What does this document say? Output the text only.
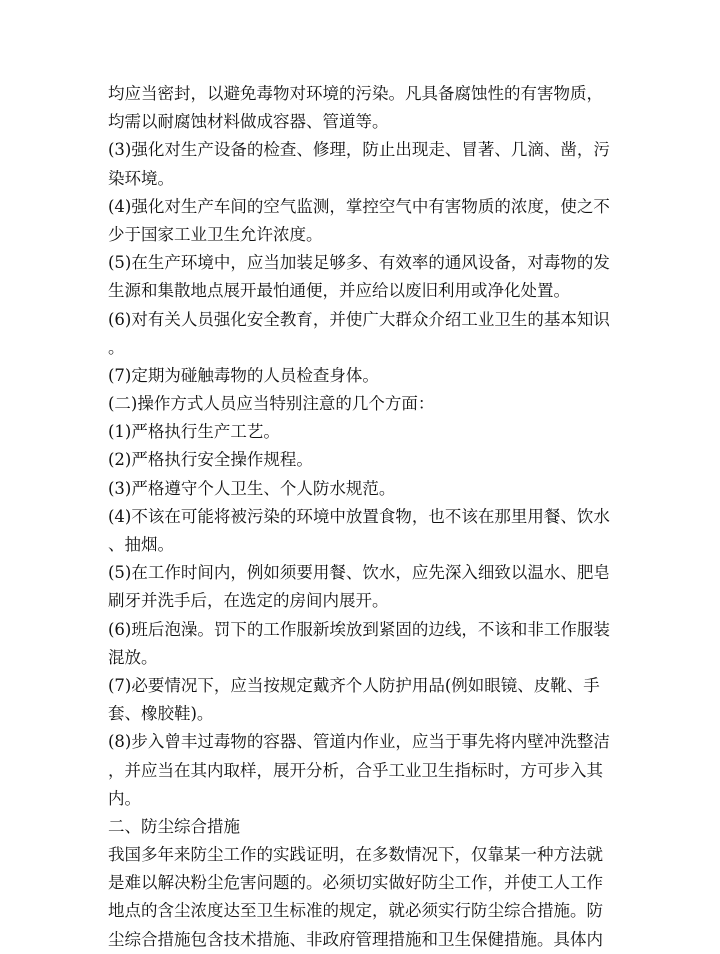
均应当密封，以避免毒物对环境的污染。凡具备腐蚀性的有害物质，
均需以耐腐蚀材料做成容器、管道等。
(3)强化对生产设备的检查、修理，防止出现走、冒著、几滴、凿，污
染环境。
(4)强化对生产车间的空气监测，掌控空气中有害物质的浓度，使之不
少于国家工业卫生允许浓度。
(5)在生产环境中，应当加装足够多、有效率的通风设备，对毒物的发
生源和集散地点展开最怕通便，并应给以废旧利用或净化处置。
(6)对有关人员强化安全教育，并使广大群众介绍工业卫生的基本知识
。
(7)定期为碰触毒物的人员检查身体。
(二)操作方式人员应当特别注意的几个方面：
(1)严格执行生产工艺。
(2)严格执行安全操作规程。
(3)严格遵守个人卫生、个人防水规范。
(4)不该在可能将被污染的环境中放置食物，也不该在那里用餐、饮水
、抽烟。
(5)在工作时间内，例如须要用餐、饮水，应先深入细致以温水、肥皂
刷牙并洗手后，在选定的房间内展开。
(6)班后泡澡。罚下的工作服新埃放到紧固的边线，不该和非工作服装
混放。
(7)必要情况下，应当按规定戴齐个人防护用品(例如眼镜、皮靴、手
套、橡胶鞋)。
(8)步入曾丰过毒物的容器、管道内作业，应当于事先将内壁冲洗整洁
，并应当在其内取样，展开分析，合乎工业卫生指标时，方可步入其
内。
二、防尘综合措施
我国多年来防尘工作的实践证明，在多数情况下，仅靠某一种方法就
是难以解决粉尘危害问题的。必须切实做好防尘工作，并使工人工作
地点的含尘浓度达至卫生标准的规定，就必须实行防尘综合措施。防
尘综合措施包含技术措施、非政府管理措施和卫生保健措施。具体内
